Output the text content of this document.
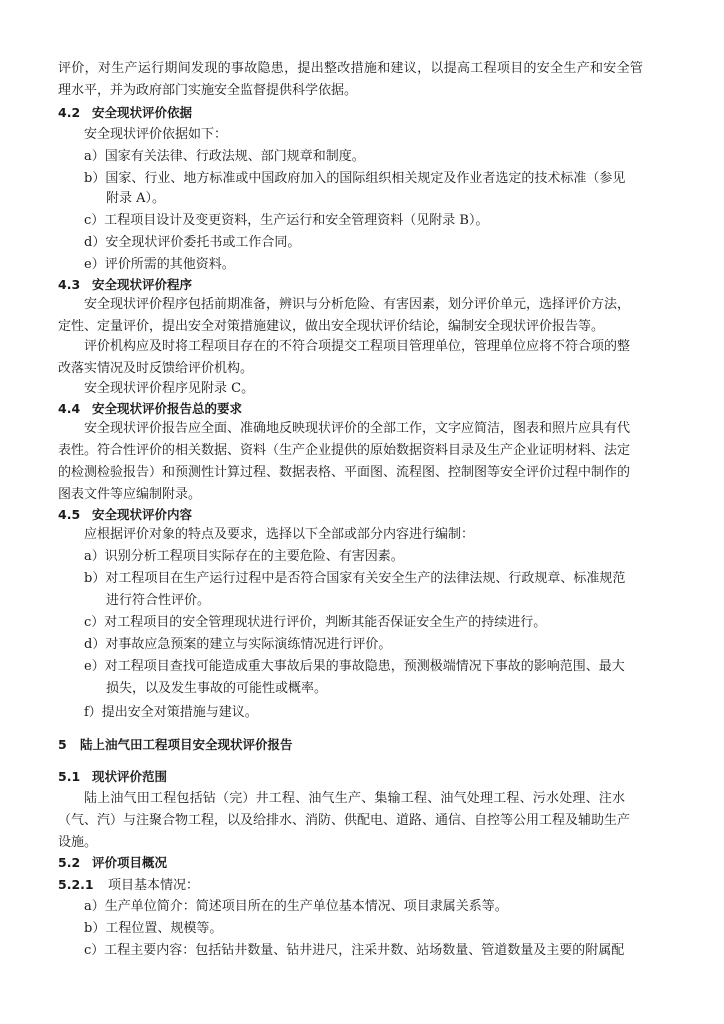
评价，对生产运行期间发现的事故隐患，提出整改措施和建议，以提高工程项目的安全生产和安全管
理水平，并为政府部门实施安全监督提供科学依据。
4.2 安全现状评价依据
安全现状评价依据如下：
a）国家有关法律、行政法规、部门规章和制度。
b）国家、行业、地方标准或中国政府加入的国际组织相关规定及作业者选定的技术标准（参见
附录 A）。
c）工程项目设计及变更资料，生产运行和安全管理资料（见附录 B）。
d）安全现状评价委托书或工作合同。
e）评价所需的其他资料。
4.3 安全现状评价程序
安全现状评价程序包括前期准备，辨识与分析危险、有害因素，划分评价单元，选择评价方法，
定性、定量评价，提出安全对策措施建议，做出安全现状评价结论，编制安全现状评价报告等。
评价机构应及时将工程项目存在的不符合项提交工程项目管理单位，管理单位应将不符合项的整
改落实情况及时反馈给评价机构。
安全现状评价程序见附录 C。
4.4 安全现状评价报告总的要求
安全现状评价报告应全面、准确地反映现状评价的全部工作，文字应简洁，图表和照片应具有代
表性。符合性评价的相关数据、资料（生产企业提供的原始数据资料目录及生产企业证明材料、法定
的检测检验报告）和预测性计算过程、数据表格、平面图、流程图、控制图等安全评价过程中制作的
图表文件等应编制附录。
4.5 安全现状评价内容
应根据评价对象的特点及要求，选择以下全部或部分内容进行编制：
a）识别分析工程项目实际存在的主要危险、有害因素。
b）对工程项目在生产运行过程中是否符合国家有关安全生产的法律法规、行政规章、标准规范
进行符合性评价。
c）对工程项目的安全管理现状进行评价，判断其能否保证安全生产的持续进行。
d）对事故应急预案的建立与实际演练情况进行评价。
e）对工程项目查找可能造成重大事故后果的事故隐患，预测极端情况下事故的影响范围、最大
损失，以及发生事故的可能性或概率。
f）提出安全对策措施与建议。
5 陆上油气田工程项目安全现状评价报告
5.1 现状评价范围
陆上油气田工程包括钻（完）井工程、油气生产、集输工程、油气处理工程、污水处理、注水
（气、汽）与注聚合物工程，以及给排水、消防、供配电、道路、通信、自控等公用工程及辅助生产
设施。
5.2 评价项目概况
5.2.1 项目基本情况：
a）生产单位简介：简述项目所在的生产单位基本情况、项目隶属关系等。
b）工程位置、规模等。
c）工程主要内容：包括钻井数量、钻井进尺，注采井数、站场数量、管道数量及主要的附属配
